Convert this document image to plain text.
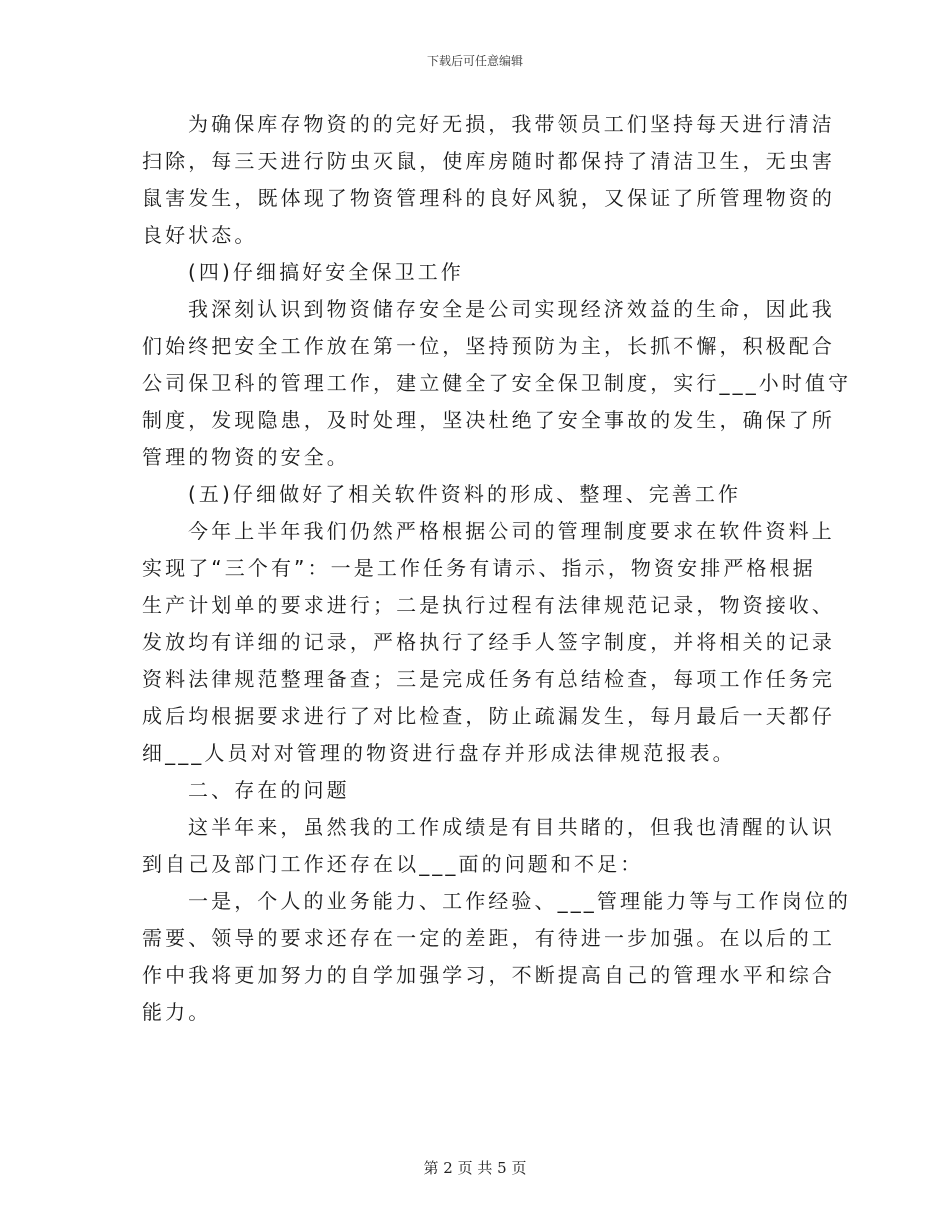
下载后可任意编辑
为确保库存物资的的完好无损，我带领员工们坚持每天进行清洁
扫除，每三天进行防虫灭鼠，使库房随时都保持了清洁卫生，无虫害
鼠害发生，既体现了物资管理科的良好风貌，又保证了所管理物资的
良好状态。
(四)仔细搞好安全保卫工作
我深刻认识到物资储存安全是公司实现经济效益的生命，因此我
们始终把安全工作放在第一位，坚持预防为主，长抓不懈，积极配合
公司保卫科的管理工作，建立健全了安全保卫制度，实行___小时值守
制度，发现隐患，及时处理，坚决杜绝了安全事故的发生，确保了所
管理的物资的安全。
(五)仔细做好了相关软件资料的形成、整理、完善工作
今年上半年我们仍然严格根据公司的管理制度要求在软件资料上
实现了“三个有”：一是工作任务有请示、指示，物资安排严格根据
生产计划单的要求进行；二是执行过程有法律规范记录，物资接收、
发放均有详细的记录，严格执行了经手人签字制度，并将相关的记录
资料法律规范整理备查；三是完成任务有总结检查，每项工作任务完
成后均根据要求进行了对比检查，防止疏漏发生，每月最后一天都仔
细___人员对对管理的物资进行盘存并形成法律规范报表。
二、存在的问题
这半年来，虽然我的工作成绩是有目共睹的，但我也清醒的认识
到自己及部门工作还存在以___面的问题和不足：
一是，个人的业务能力、工作经验、___管理能力等与工作岗位的
需要、领导的要求还存在一定的差距，有待进一步加强。在以后的工
作中我将更加努力的自学加强学习，不断提高自己的管理水平和综合
能力。
第 2 页 共 5 页
